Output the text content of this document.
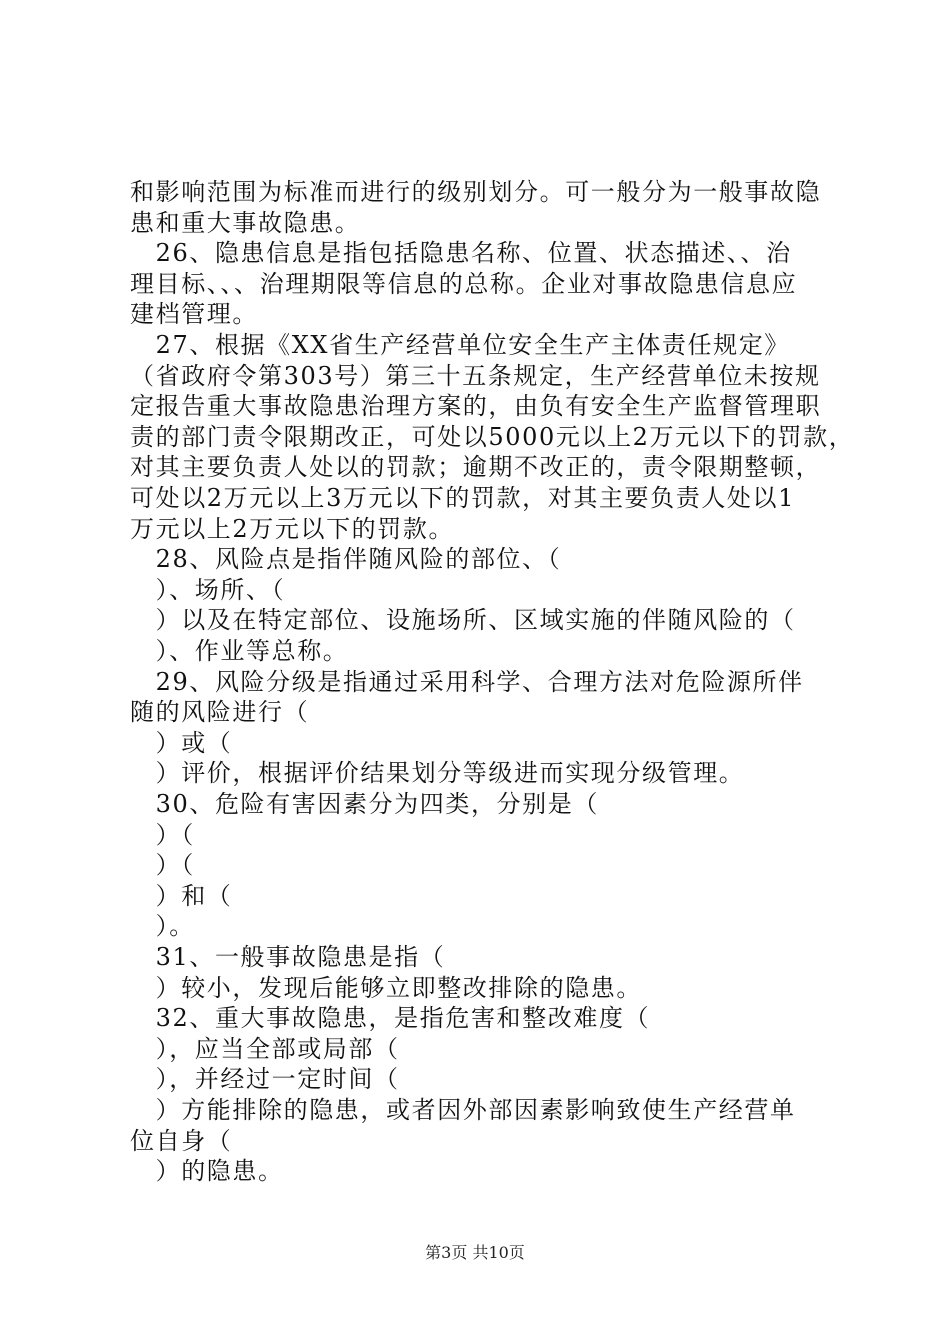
和影响范围为标准而进行的级别划分。可一般分为一般事故隐
患和重大事故隐患。
　26、隐患信息是指包括隐患名称、位置、状态描述、、治
理目标、、、治理期限等信息的总称。企业对事故隐患信息应
建档管理。
　27、根据《XX省生产经营单位安全生产主体责任规定》
（省政府令第303号）第三十五条规定，生产经营单位未按规
定报告重大事故隐患治理方案的，由负有安全生产监督管理职
责的部门责令限期改正，可处以5000元以上2万元以下的罚款，
对其主要负责人处以的罚款；逾期不改正的，责令限期整顿，
可处以2万元以上3万元以下的罚款，对其主要负责人处以1
万元以上2万元以下的罚款。
　28、风险点是指伴随风险的部位、（
　）、场所、（
　）以及在特定部位、设施场所、区域实施的伴随风险的（
　）、作业等总称。
　29、风险分级是指通过采用科学、合理方法对危险源所伴
随的风险进行（
　）或（
　）评价，根据评价结果划分等级进而实现分级管理。
　30、危险有害因素分为四类，分别是（
　）（
　）（
　）和（
　）。
　31、一般事故隐患是指（
　）较小，发现后能够立即整改排除的隐患。
　32、重大事故隐患，是指危害和整改难度（
　），应当全部或局部（
　），并经过一定时间（
　）方能排除的隐患，或者因外部因素影响致使生产经营单
位自身（
　）的隐患。
第3页 共10页
